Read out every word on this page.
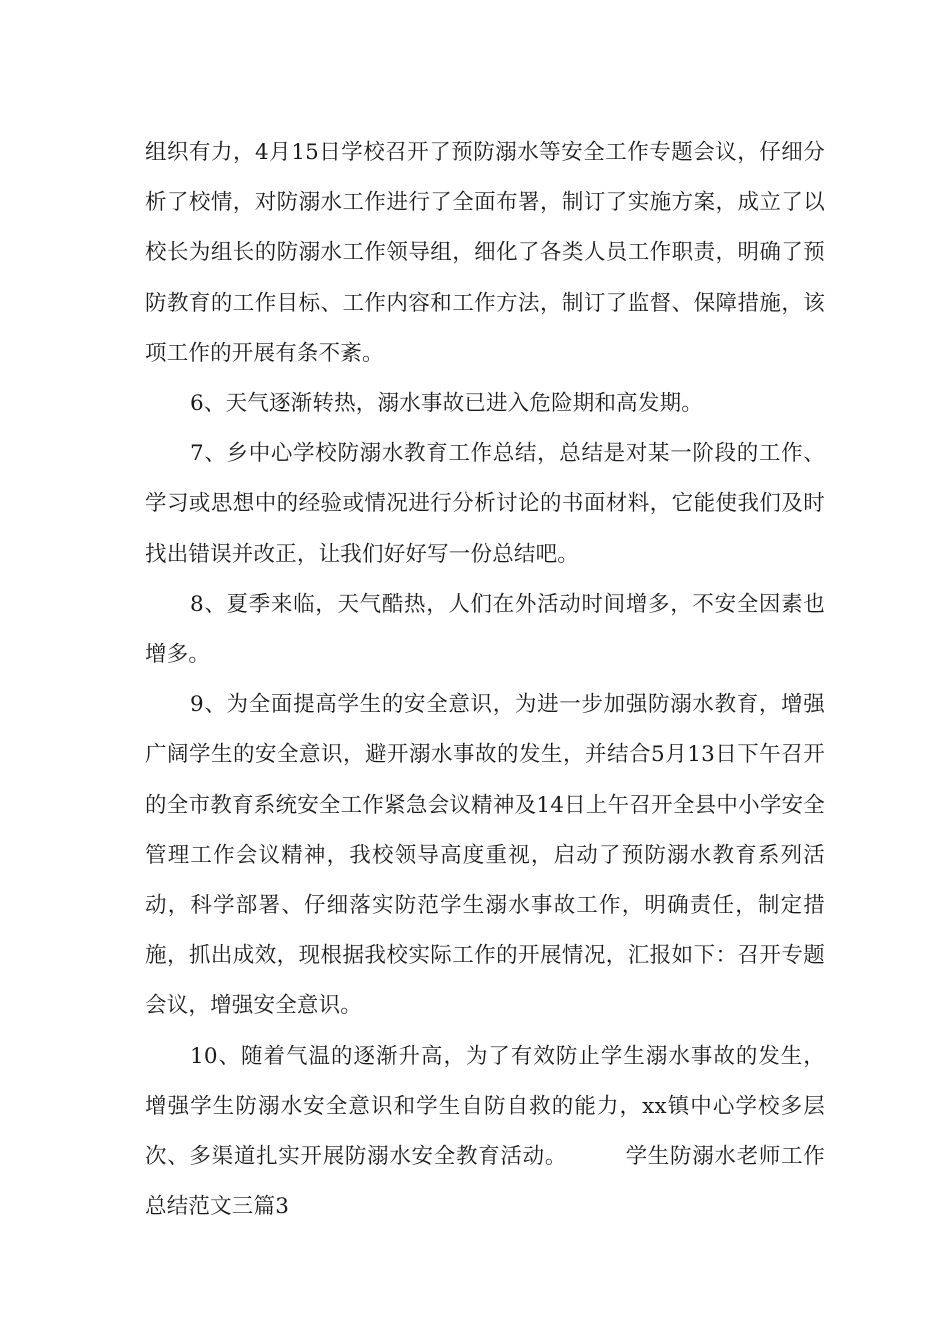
组织有力，4月15日学校召开了预防溺水等安全工作专题会议，仔细分析了校情，对防溺水工作进行了全面布署，制订了实施方案，成立了以校长为组长的防溺水工作领导组，细化了各类人员工作职责，明确了预防教育的工作目标、工作内容和工作方法，制订了监督、保障措施，该项工作的开展有条不紊。

6、天气逐渐转热，溺水事故已进入危险期和高发期。

7、乡中心学校防溺水教育工作总结，总结是对某一阶段的工作、学习或思想中的经验或情况进行分析讨论的书面材料，它能使我们及时找出错误并改正，让我们好好写一份总结吧。

8、夏季来临，天气酷热，人们在外活动时间增多，不安全因素也增多。

9、为全面提高学生的安全意识，为进一步加强防溺水教育，增强广阔学生的安全意识，避开溺水事故的发生，并结合5月13日下午召开的全市教育系统安全工作紧急会议精神及14日上午召开全县中小学安全管理工作会议精神，我校领导高度重视，启动了预防溺水教育系列活动，科学部署、仔细落实防范学生溺水事故工作，明确责任，制定措施，抓出成效，现根据我校实际工作的开展情况，汇报如下：召开专题会议，增强安全意识。

10、随着气温的逐渐升高，为了有效防止学生溺水事故的发生，增强学生防溺水安全意识和学生自防自救的能力，xx镇中心学校多层次、多渠道扎实开展防溺水安全教育活动。	学生防溺水老师工作总结范文三篇3
